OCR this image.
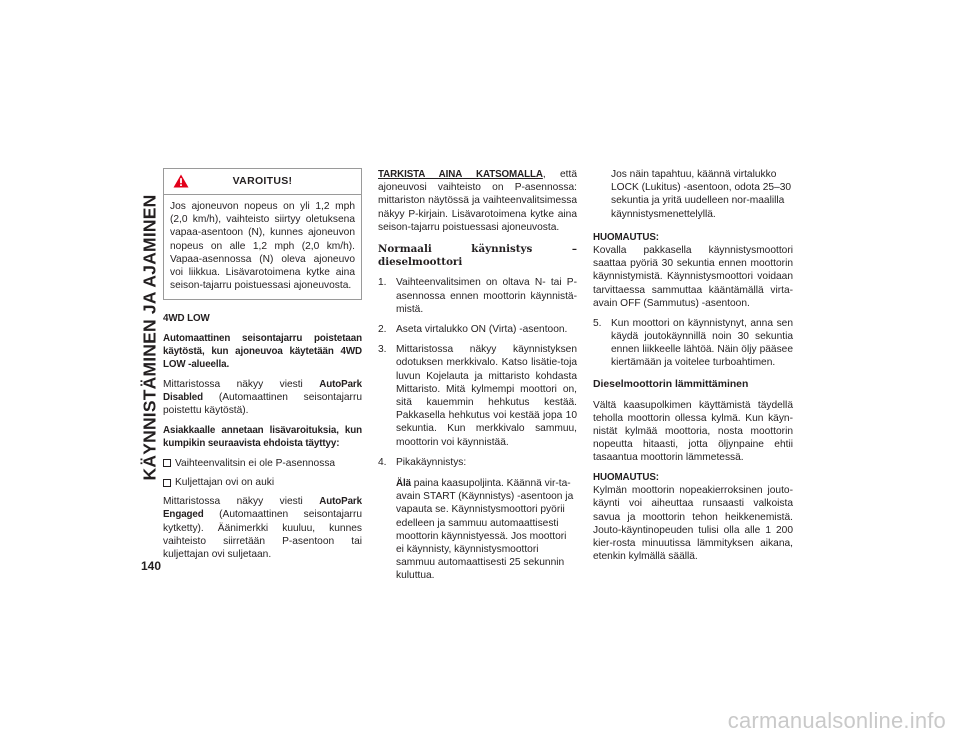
KÄYNNISTÄMINEN JA AJAMINEN
140
VAROITUS!

Jos ajoneuvon nopeus on yli 1,2 mph (2,0 km/h), vaihteisto siirtyy oletuksena vapaa-asentoon (N), kunnes ajoneuvon nopeus on alle 1,2 mph (2,0 km/h). Vapaa-asennossa (N) oleva ajoneuvo voi liikkua. Lisävarotoimena kytke aina seison-tajarru poistuessasi ajoneuvosta.

4WD LOW

Automaattinen seisontajarru poistetaan käytöstä, kun ajoneuvoa käytetään 4WD LOW -alueella.

Mittaristossa näkyy viesti AutoPark Disabled (Automaattinen seisontajarru poistettu käytöstä).

Asiakkaalle annetaan lisävaroituksia, kun kumpikin seuraavista ehdoista täyttyy:

Vaihteenvalitsin ei ole P-asennossa
Kuljettajan ovi on auki

Mittaristossa näkyy viesti AutoPark Engaged (Automaattinen seisontajarru kytketty). Äänimerkki kuuluu, kunnes vaihteisto siirretään P-asentoon tai kuljettajan ovi suljetaan.

TARKISTA AINA KATSOMALLA, että ajoneuvosi vaihteisto on P-asennossa: mittariston näytössä ja vaihteenvalitsimessa näkyy P-kirjain. Lisävarotoimena kytke aina seison-tajarru poistuessasi ajoneuvosta.

Normaali käynnistys – dieselmoottori

1. Vaihteenvalitsimen on oltava N- tai P-asennossa ennen moottorin käynnistä-mistä.
2. Aseta virtalukko ON (Virta) -asentoon.
3. Mittaristossa näkyy käynnistyksen odotuksen merkkivalo. Katso lisätie-toja luvun Kojelauta ja mittaristo kohdasta Mittaristo. Mitä kylmempi moottori on, sitä kauemmin hehkutus kestää. Pakkasella hehkutus voi kestää jopa 10 sekuntia. Kun merkkivalo sammuu, moottorin voi käynnistää.
4. Pikakäynnistys:

Älä paina kaasupoljinta. Käännä vir-ta-avain START (Käynnistys) -asentoon ja vapauta se. Käynnistysmoottori pyörii edelleen ja sammuu automaattisesti moottorin käynnistyessä. Jos moottori ei käynnisty, käynnistysmoottori sammuu automaattisesti 25 sekunnin kuluttua.

Jos näin tapahtuu, käännä virtalukko LOCK (Lukitus) -asentoon, odota 25–30 sekuntia ja yritä uudelleen nor-maalilla käynnistysmenettelyllä.

HUOMAUTUS:

Kovalla pakkasella käynnistysmoottori saattaa pyöriä 30 sekuntia ennen moottorin käynnistymistä. Käynnistysmoottori voidaan tarvittaessa sammuttaa kääntämällä virta-avain OFF (Sammutus) -asentoon.

5. Kun moottori on käynnistynyt, anna sen käydä joutokäynnillä noin 30 sekuntia ennen liikkeelle lähtöä. Näin öljy pääsee kiertämään ja voitelee turboahtimen.

Dieselmoottorin lämmittäminen

Vältä kaasupolkimen käyttämistä täydellä teholla moottorin ollessa kylmä. Kun käyn-nistät kylmää moottoria, nosta moottorin nopeutta hitaasti, jotta öljynpaine ehtii tasaantua moottorin lämmetessä.

HUOMAUTUS:

Kylmän moottorin nopeakierroksinen jouto-käynti voi aiheuttaa runsaasti valkoista savua ja moottorin tehon heikkenemistä. Jouto-käyntinopeuden tulisi olla alle 1 200 kier-rosta minuutissa lämmityksen aikana, etenkin kylmällä säällä.

carmanualsonline.info
